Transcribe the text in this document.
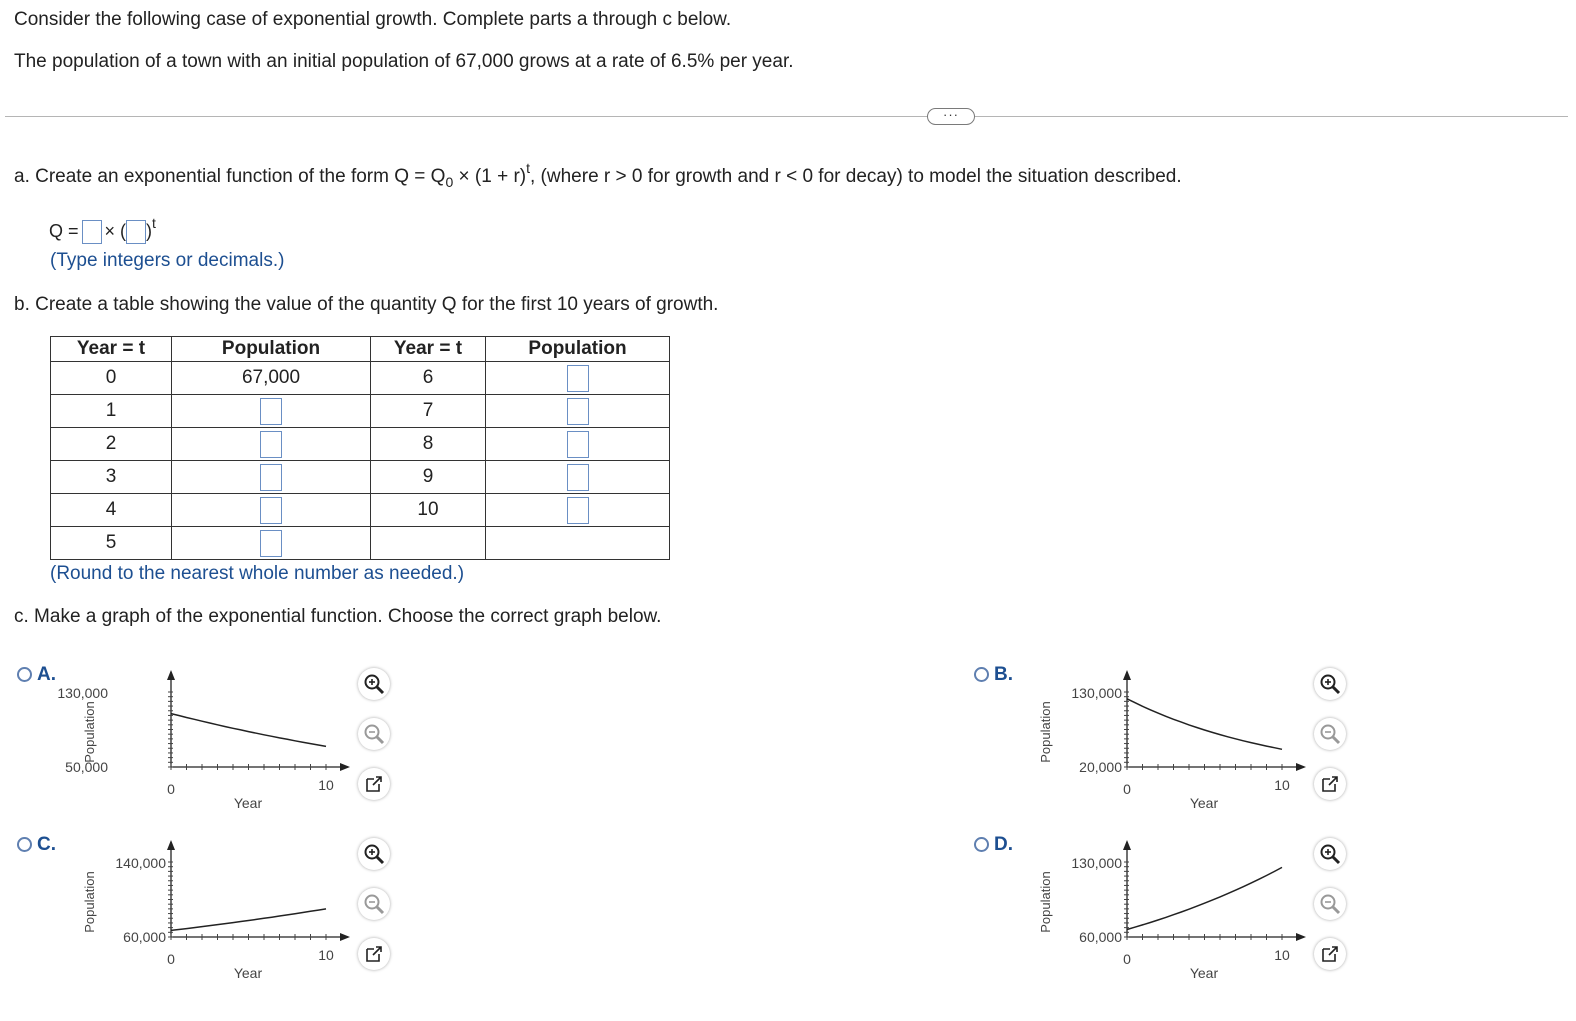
Consider the following case of exponential growth. Complete parts a through c below.
The population of a town with an initial population of 67,000 grows at a rate of 6.5% per year.
···
a. Create an exponential function of the form $Q = Q_0 \times (1 + r)^t$, (where r > 0 for growth and r < 0 for decay) to model the situation described.
Q = × ( )$^t$
(Type integers or decimals.)
b. Create a table showing the value of the quantity Q for the first 10 years of growth.
Year = t	Population	Year = t	Population
0	67,000	6	
1		7	
2		8	
3		9	
4		10	
5			
(Round to the nearest whole number as needed.)
c. Make a graph of the exponential function. Choose the correct graph below.
A.	B.
C.	D.
130,000
50,000
0	10
Year
Population
130,000
20,000
0	10
Year
Population
140,000
60,000
0	10
Year
Population
130,000
60,000
0	10
Year
Population
